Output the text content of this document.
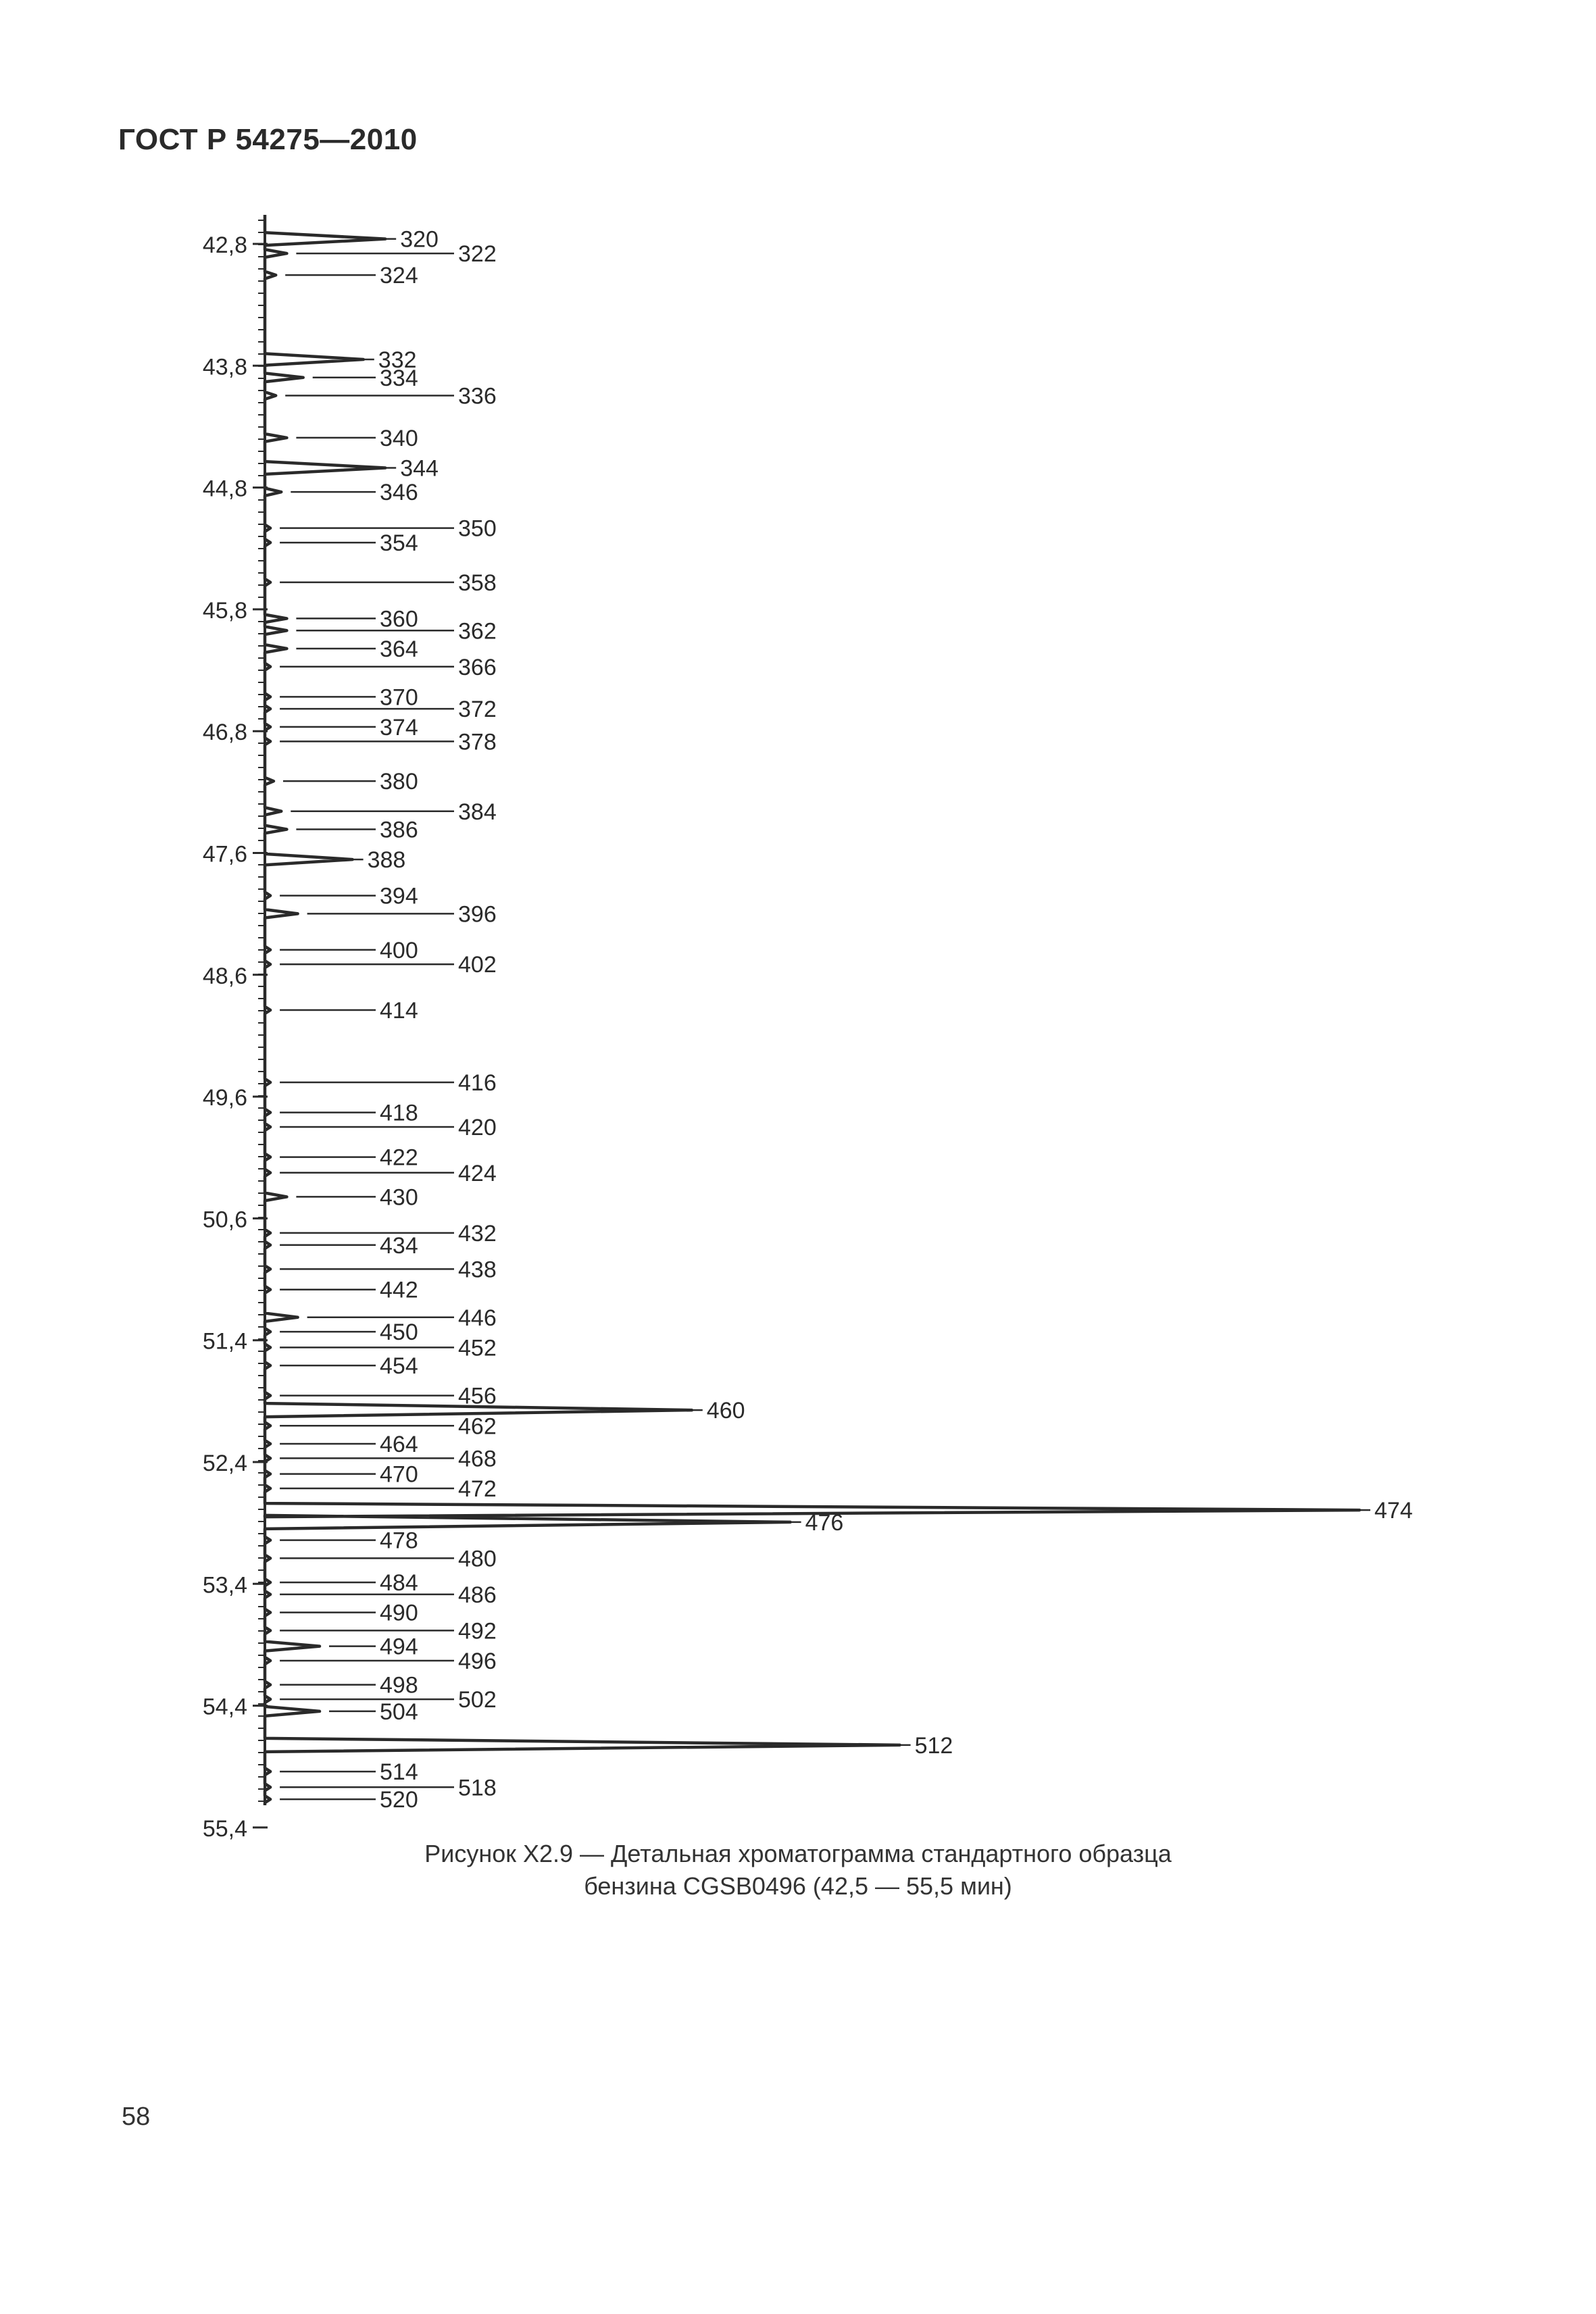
ГОСТ Р 54275—2010
42,8
43,8
44,8
45,8
46,8
47,6
48,6
49,6
50,6
51,4
52,4
53,4
54,4
55,4
320
322
324
332
334
336
340
344
346
350
354
358
360 362
364
366
370 372
374
378
380
384
386
388
394
396
400
402
414
416
418
420
422
424
430
432
434
438
442
446
450
452
454
456
460
462
464
468
470
472
474
476
478
480
484 486
490
492
494
496
498
502
504
512
514
518
520
Рисунок X2.9 — Детальная хроматограмма стандартного образца
бензина CGSB0496 (42,5 — 55,5 мин)
58
